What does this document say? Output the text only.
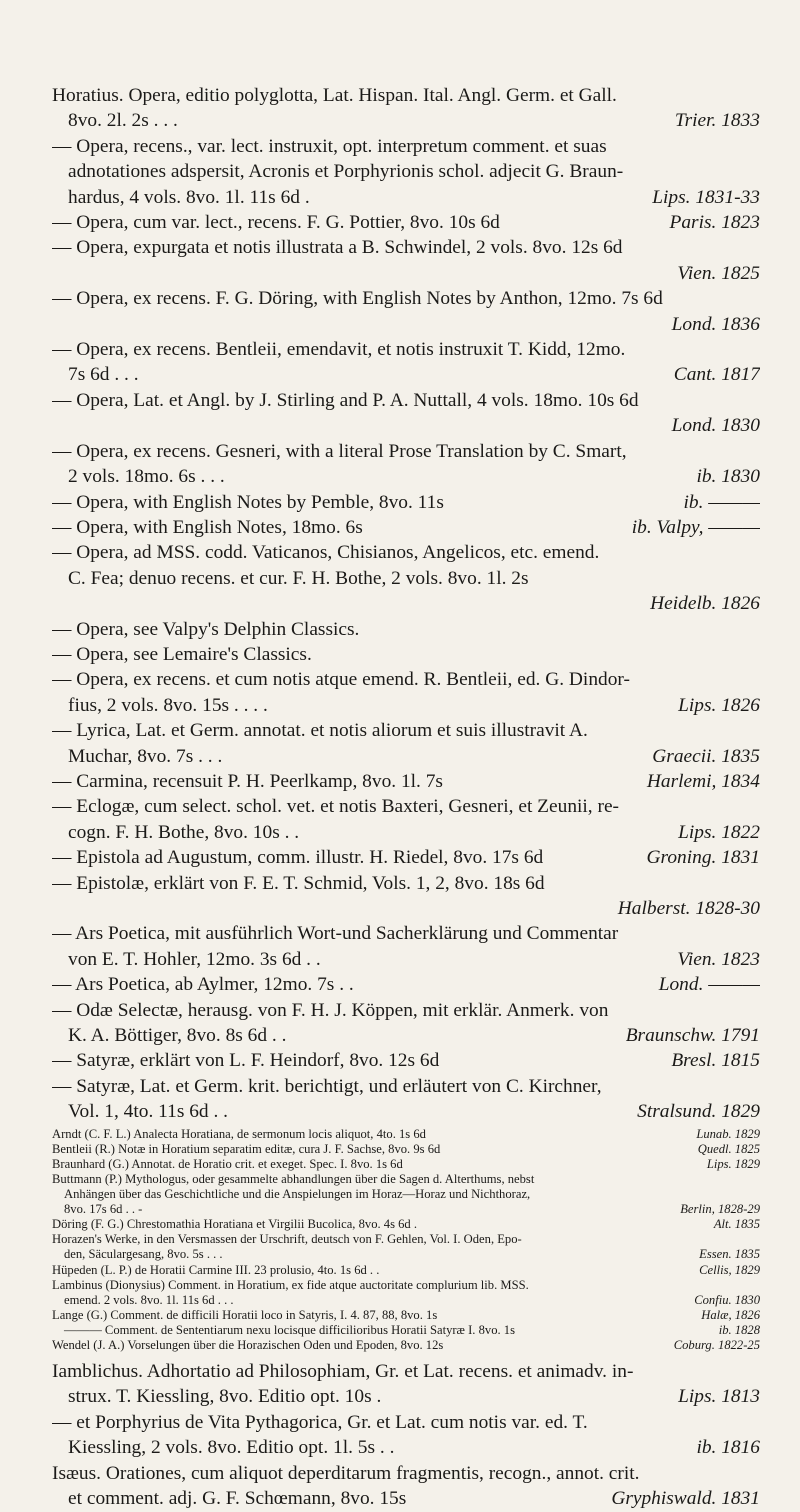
Horatius. Opera, editio polyglotta, Lat. Hispan. Ital. Angl. Germ. et Gall.
8vo. 2l. 2s . . .	Trier. 1833
— Opera, recens., var. lect. instruxit, opt. interpretum comment. et suas
adnotationes adspersit, Acronis et Porphyrionis schol. adjecit G. Braun-
hardus, 4 vols. 8vo. 1l. 11s 6d .	Lips. 1831-33
— Opera, cum var. lect., recens. F. G. Pottier, 8vo. 10s 6d	Paris. 1823
— Opera, expurgata et notis illustrata a B. Schwindel, 2 vols. 8vo. 12s 6d
Vien. 1825
— Opera, ex recens. F. G. Döring, with English Notes by Anthon, 12mo. 7s 6d
Lond. 1836
— Opera, ex recens. Bentleii, emendavit, et notis instruxit T. Kidd, 12mo.
7s 6d . . .	Cant. 1817
— Opera, Lat. et Angl. by J. Stirling and P. A. Nuttall, 4 vols. 18mo. 10s 6d
Lond. 1830
— Opera, ex recens. Gesneri, with a literal Prose Translation by C. Smart,
2 vols. 18mo. 6s . . .	ib. 1830
— Opera, with English Notes by Pemble, 8vo. 11s	ib. ———
— Opera, with English Notes, 18mo. 6s	ib. Valpy, ———
— Opera, ad MSS. codd. Vaticanos, Chisianos, Angelicos, etc. emend.
C. Fea; denuo recens. et cur. F. H. Bothe, 2 vols. 8vo. 1l. 2s
Heidelb. 1826
— Opera, see Valpy's Delphin Classics.
— Opera, see Lemaire's Classics.
— Opera, ex recens. et cum notis atque emend. R. Bentleii, ed. G. Dindor-
fius, 2 vols. 8vo. 15s . . . .	Lips. 1826
— Lyrica, Lat. et Germ. annotat. et notis aliorum et suis illustravit A.
Muchar, 8vo. 7s . . .	Graecii. 1835
— Carmina, recensuit P. H. Peerlkamp, 8vo. 1l. 7s	Harlemi, 1834
— Eclogæ, cum select. schol. vet. et notis Baxteri, Gesneri, et Zeunii, re-
cogn. F. H. Bothe, 8vo. 10s . .	Lips. 1822
— Epistola ad Augustum, comm. illustr. H. Riedel, 8vo. 17s 6d	Groning. 1831
— Epistolæ, erklärt von F. E. T. Schmid, Vols. 1, 2, 8vo. 18s 6d
Halberst. 1828-30
— Ars Poetica, mit ausführlich Wort-und Sacherklärung und Commentar
von E. T. Hohler, 12mo. 3s 6d . .	Vien. 1823
— Ars Poetica, ab Aylmer, 12mo. 7s . .	Lond. ———
— Odæ Selectæ, herausg. von F. H. J. Köppen, mit erklär. Anmerk. von
K. A. Böttiger, 8vo. 8s 6d . .	Braunschw. 1791
— Satyræ, erklärt von L. F. Heindorf, 8vo. 12s 6d	Bresl. 1815
— Satyræ, Lat. et Germ. krit. berichtigt, und erläutert von C. Kirchner,
Vol. 1, 4to. 11s 6d . .	Stralsund. 1829
Arndt (C. F. L.) Analecta Horatiana, de sermonum locis aliquot, 4to. 1s 6d	Lunab. 1829
Bentleii (R.) Notæ in Horatium separatim editæ, cura J. F. Sachse, 8vo. 9s 6d	Quedl. 1825
Braunhard (G.) Annotat. de Horatio crit. et exeget. Spec. I. 8vo. 1s 6d	Lips. 1829
Buttmann (P.) Mythologus, oder gesammelte abhandlungen über die Sagen d. Alterthums, nebst
Anhängen über das Geschichtliche und die Anspielungen im Horaz—Horaz und Nichthoraz,
8vo. 17s 6d . . -	Berlin, 1828-29
Döring (F. G.) Chrestomathia Horatiana et Virgilii Bucolica, 8vo. 4s 6d .	Alt. 1835
Horazen's Werke, in den Versmassen der Urschrift, deutsch von F. Gehlen, Vol. I. Oden, Epo-
den, Säculargesang, 8vo. 5s . . .	Essen. 1835
Hüpeden (L. P.) de Horatii Carmine III. 23 prolusio, 4to. 1s 6d . .	Cellis, 1829
Lambinus (Dionysius) Comment. in Horatium, ex fide atque auctoritate complurium lib. MSS.
emend. 2 vols. 8vo. 1l. 11s 6d . . .	Confiu. 1830
Lange (G.) Comment. de difficili Horatii loco in Satyris, I. 4. 87, 88, 8vo. 1s	Halæ, 1826
——— Comment. de Sententiarum nexu locisque difficilioribus Horatii Satyræ I. 8vo. 1s	ib. 1828
Wendel (J. A.) Vorselungen über die Horazischen Oden und Epoden, 8vo. 12s	Coburg. 1822-25
Iamblichus. Adhortatio ad Philosophiam, Gr. et Lat. recens. et animadv. in-
strux. T. Kiessling, 8vo. Editio opt. 10s .	Lips. 1813
— et Porphyrius de Vita Pythagorica, Gr. et Lat. cum notis var. ed. T.
Kiessling, 2 vols. 8vo. Editio opt. 1l. 5s . .	ib. 1816
Isæus. Orationes, cum aliquot deperditarum fragmentis, recogn., annot. crit.
et comment. adj. G. F. Schœmann, 8vo. 15s	Gryphiswald. 1831
